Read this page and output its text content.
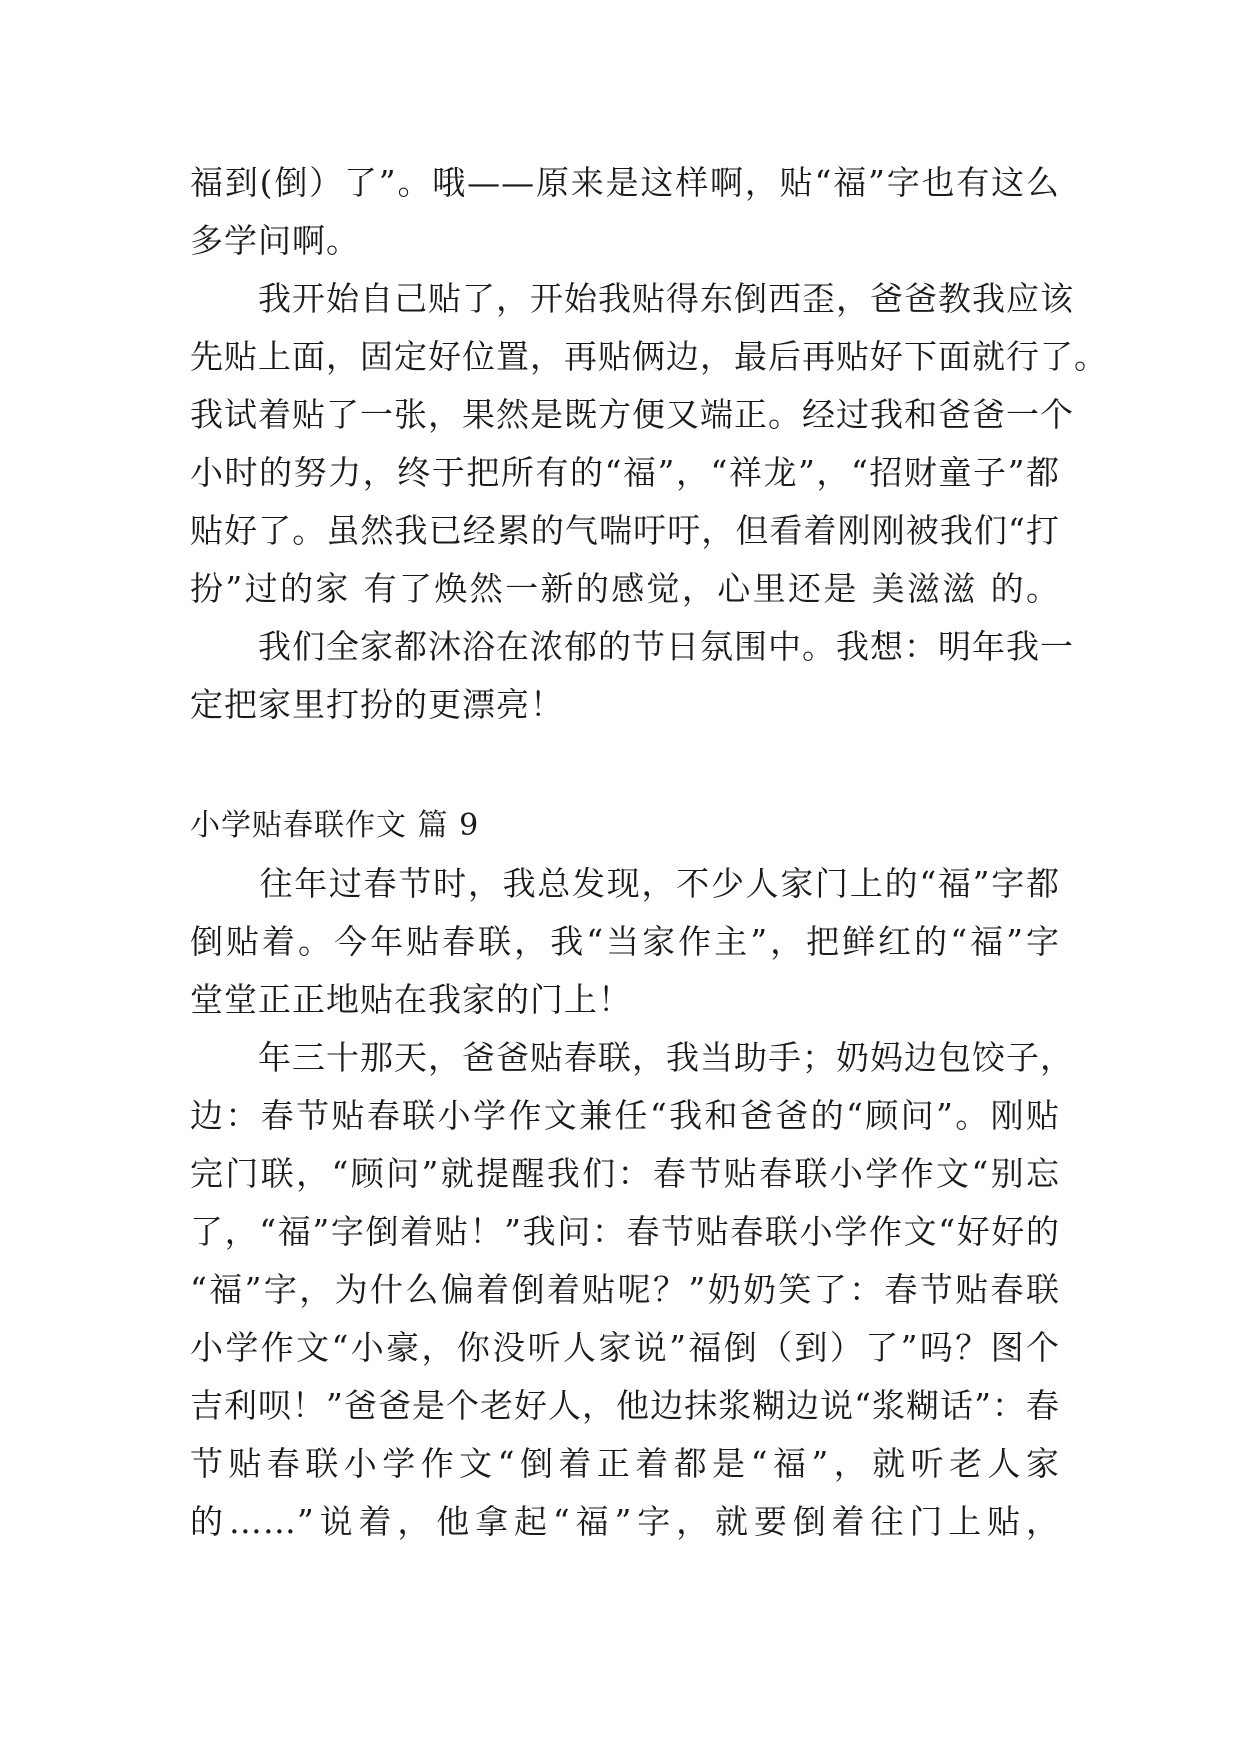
福到(倒）了”。哦——原来是这样啊，贴“福”字也有这么
多学问啊。
　　我开始自己贴了，开始我贴得东倒西歪，爸爸教我应该
先贴上面，固定好位置，再贴俩边，最后再贴好下面就行了。
我试着贴了一张，果然是既方便又端正。经过我和爸爸一个
小时的努力，终于把所有的“福”，“祥龙”，“招财童子”都
贴好了。虽然我已经累的气喘吁吁，但看着刚刚被我们“打
扮”过的家 有了焕然一新的感觉，心里还是 美滋滋 的。
　　我们全家都沐浴在浓郁的节日氛围中。我想：明年我一
定把家里打扮的更漂亮！
小学贴春联作文 篇 9
　　往年过春节时，我总发现，不少人家门上的“福”字都
倒贴着。今年贴春联，我“当家作主”，把鲜红的“福”字
堂堂正正地贴在我家的门上！
　　年三十那天，爸爸贴春联，我当助手；奶妈边包饺子，
边：春节贴春联小学作文兼任“我和爸爸的“顾问”。刚贴
完门联，“顾问”就提醒我们：春节贴春联小学作文“别忘
了，“福”字倒着贴！”我问：春节贴春联小学作文“好好的
“福”字，为什么偏着倒着贴呢？”奶奶笑了：春节贴春联
小学作文“小豪，你没听人家说”福倒（到）了”吗？图个
吉利呗！”爸爸是个老好人，他边抹浆糊边说“浆糊话”：春
节贴春联小学作文“倒着正着都是“福”，就听老人家
的……”说着，他拿起“福”字，就要倒着往门上贴，
